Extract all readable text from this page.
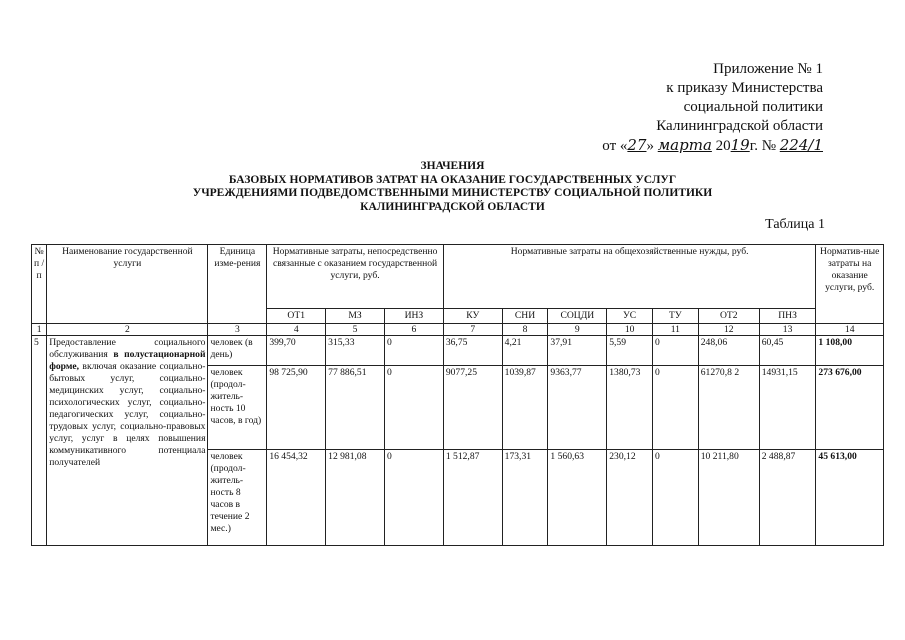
Приложение № 1
к приказу Министерства
социальной политики
Калининградской области
от «27» марта 2019г. № 224/1
ЗНАЧЕНИЯ
БАЗОВЫХ НОРМАТИВОВ ЗАТРАТ НА ОКАЗАНИЕ ГОСУДАРСТВЕННЫХ УСЛУГ
УЧРЕЖДЕНИЯМИ ПОДВЕДОМСТВЕННЫМИ МИНИСТЕРСТВУ СОЦИАЛЬНОЙ ПОЛИТИКИ
КАЛИНИНГРАДСКОЙ ОБЛАСТИ
Таблица 1
№ п /п	Наименование государственной услуги	Единица изме-рения	Нормативные затраты, непосредственно связанные с оказанием государственной услуги, руб.			Нормативные затраты на общехозяйственные нужды, руб.							Норматив-ные затраты на оказание услуги, руб.
			ОТ1	МЗ	ИНЗ	КУ	СНИ	СОЦДИ	УС	ТУ	ОТ2	ПНЗ	
1	2	3	4	5	6	7	8	9	10	11	12	13	14
5	Предоставление социального обслуживания в полустационарной форме, включая оказание социально-бытовых услуг, социально-медицинских услуг, социально-психологических услуг, социально-педагогических услуг, социально-трудовых услуг, социально-правовых услуг, услуг в целях повышения коммуникативного потенциала получателей	человек (в день)	399,70	315,33	0	36,75	4,21	37,91	5,59	0	248,06	60,45	1 108,00
		человек (продол-житель-ность 10 часов, в год)	98 725,90	77 886,51	0	9077,25	1039,87	9363,77	1380,73	0	61270,8 2	14931,15	273 676,00
		человек (продол-житель-ность 8 часов в течение 2 мес.)	16 454,32	12 981,08	0	1 512,87	173,31	1 560,63	230,12	0	10 211,80	2 488,87	45 613,00
